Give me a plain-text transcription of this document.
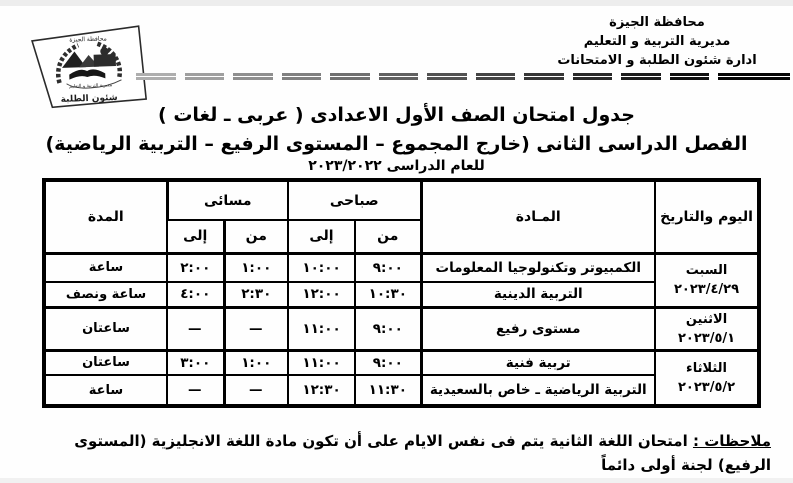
محافظة الجيزة
مديرية التربية و التعليم
ادارة شئون الطلبة و الامتحانات
محافظة الجيزة
مديرية التربية و التعليم
شئون الطلبة
جدول امتحان الصف الأول الاعدادى ( عربى ـ لغات )
الفصل الدراسى الثانى (خارج المجموع – المستوى الرفيع – التربية الرياضية)
للعام الدراسى ٢٠٢٣/٢٠٢٢
اليوم والتاريخ	المـادة	صباحى		مسائى		المدة
		من	إلى	من	إلى	

السبت
٢٠٢٣/٤/٢٩	الكمبيوتر وتكنولوجيا المعلومات	٩:٠٠	١٠:٠٠	١:٠٠	٢:٠٠	ساعة
	التربية الدينية	١٠:٣٠	١٢:٠٠	٢:٣٠	٤:٠٠	ساعة ونصف

الاثنين
٢٠٢٣/٥/١	مستوى رفيع	٩:٠٠	١١:٠٠	—	—	ساعتان

الثلاثاء
٢٠٢٣/٥/٢	تربية فنية	٩:٠٠	١١:٠٠	١:٠٠	٣:٠٠	ساعتان
	التربية الرياضية ـ خاص بالسعيدية	١١:٣٠	١٢:٣٠	—	—	ساعة
ملاحظات : امتحان اللغة الثانية يتم فى نفس الايام على أن تكون مادة اللغة الانجليزية (المستوى الرفيع) لجنة أولى دائماً
